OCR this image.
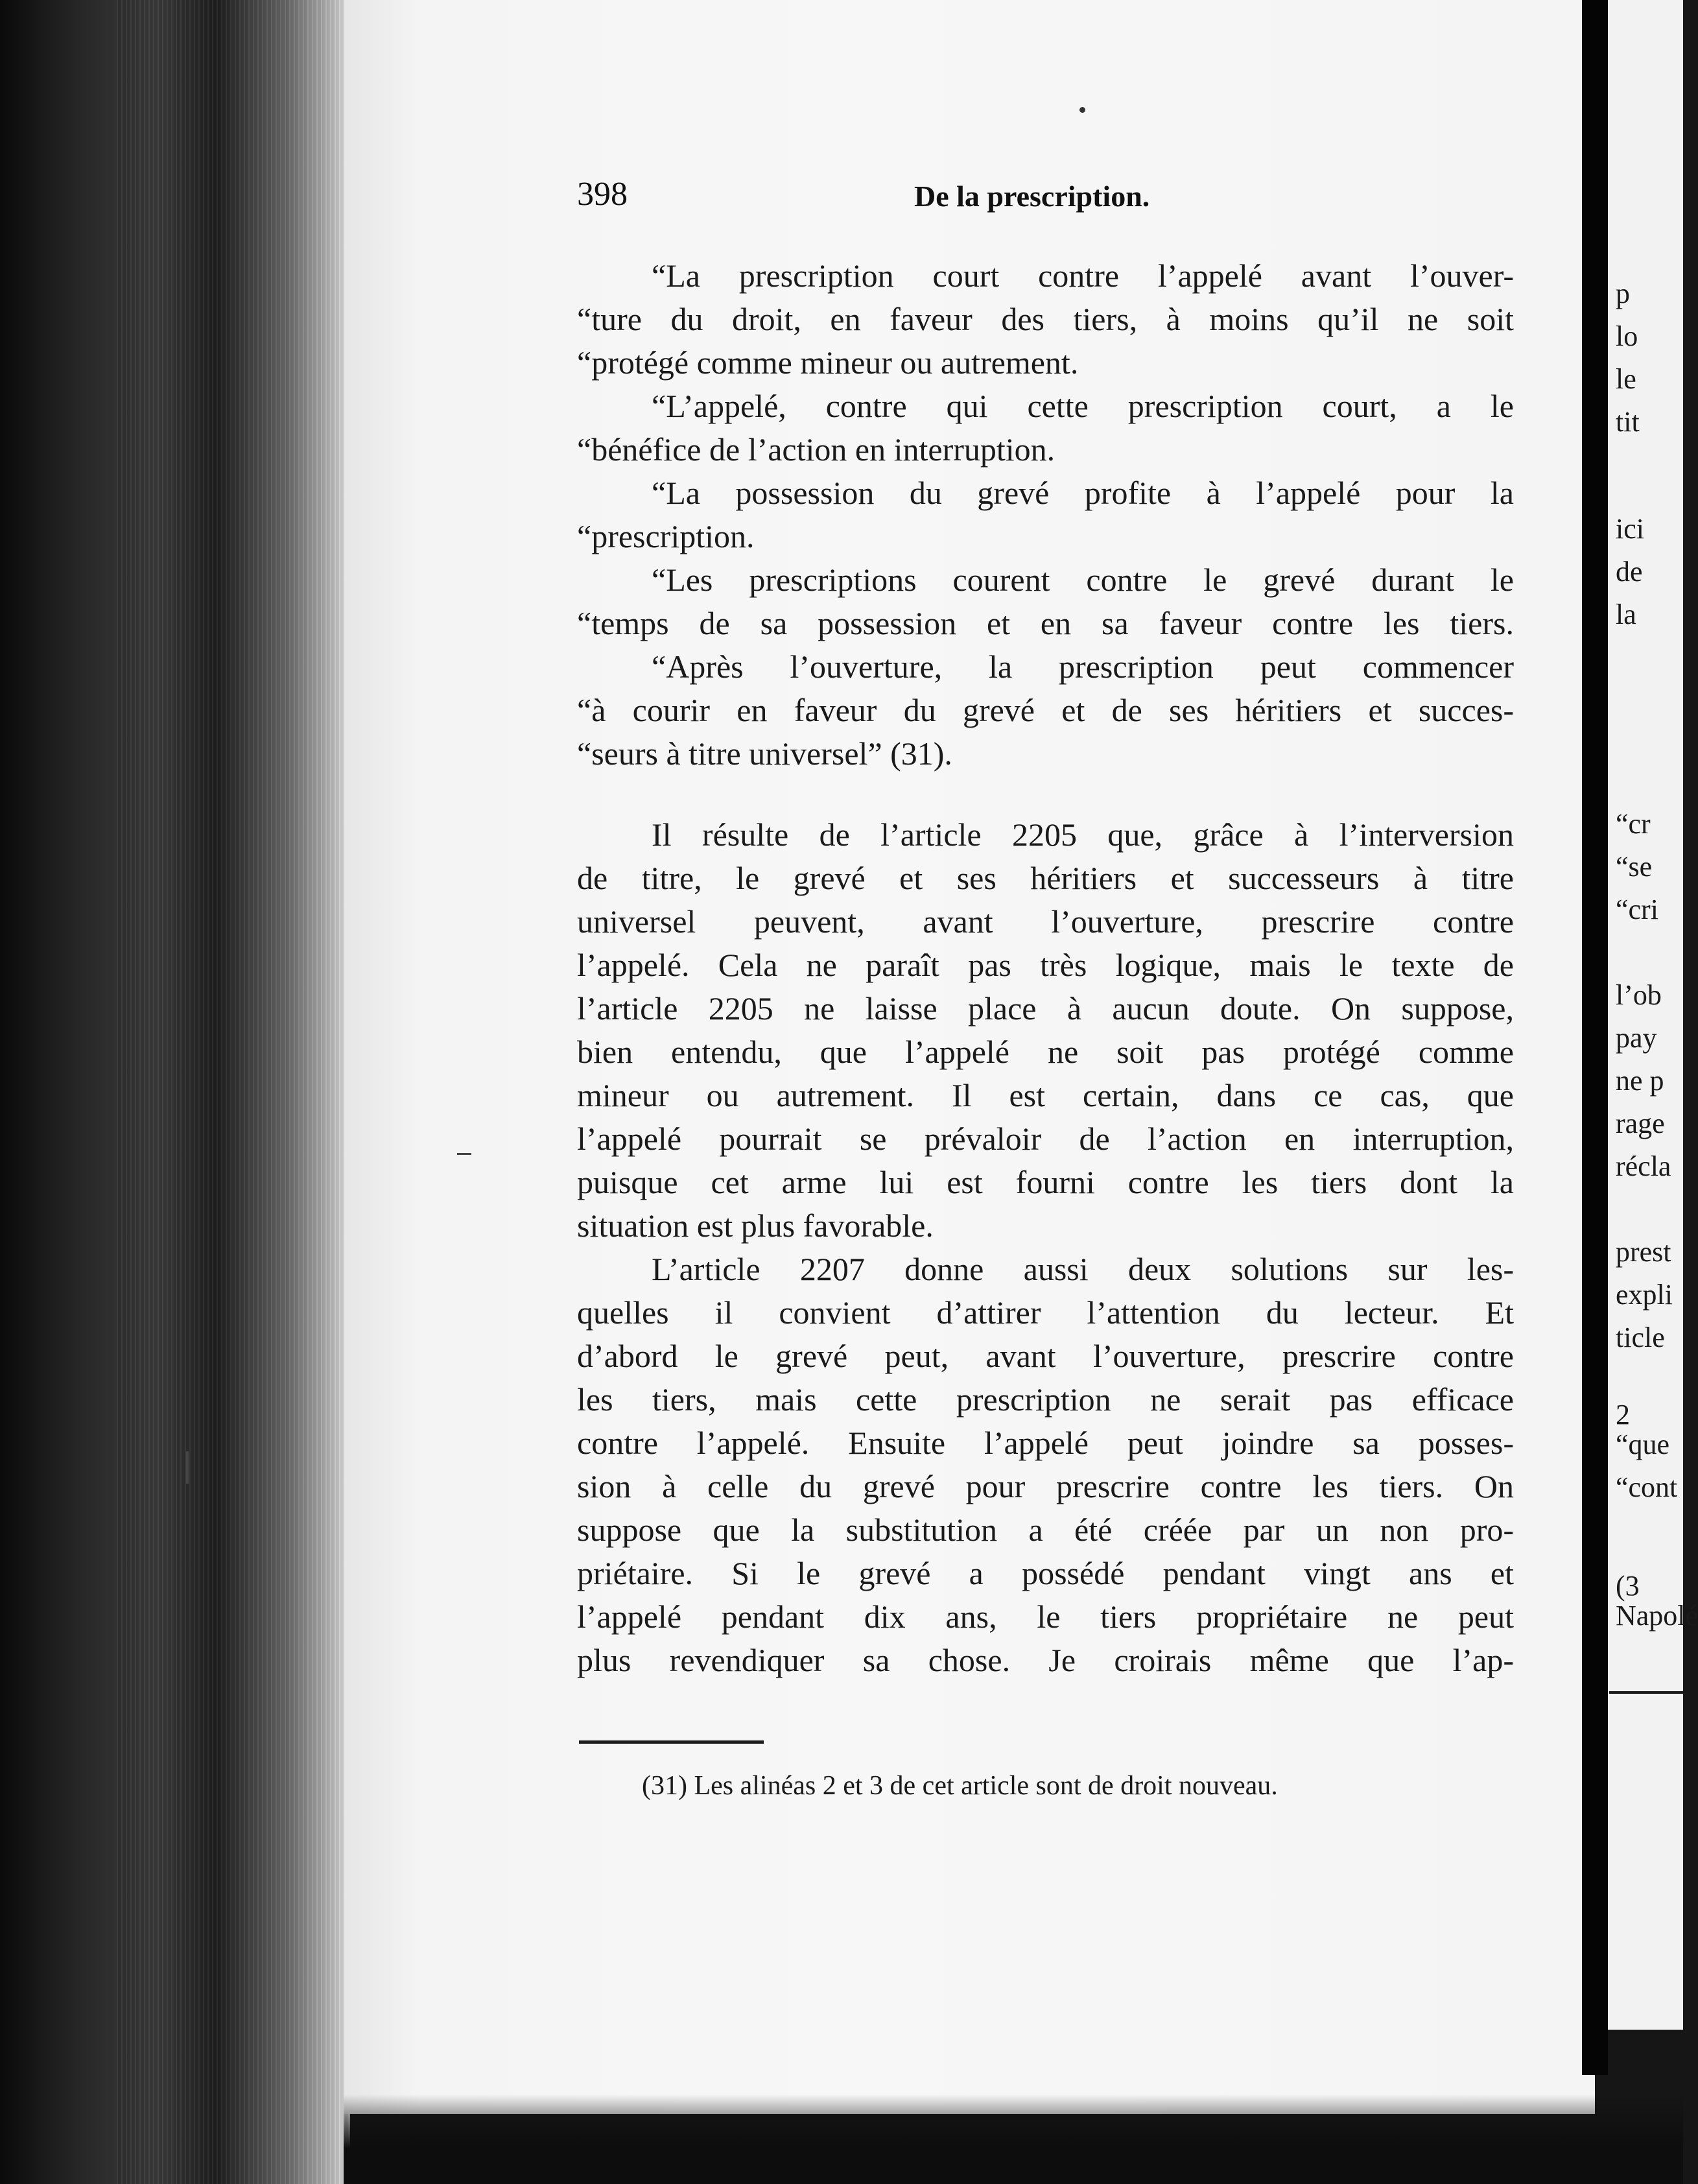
398	De la prescription.
“La prescription court contre l’appelé avant l’ouver-
“ture du droit, en faveur des tiers, à moins qu’il ne soit
“protégé comme mineur ou autrement.
“L’appelé, contre qui cette prescription court, a le
“bénéfice de l’action en interruption.
“La possession du grevé profite à l’appelé pour la
“prescription.
“Les prescriptions courent contre le grevé durant le
“temps de sa possession et en sa faveur contre les tiers.
“Après l’ouverture, la prescription peut commencer
“à courir en faveur du grevé et de ses héritiers et succes-
“seurs à titre universel” (31).
Il résulte de l’article 2205 que, grâce à l’interversion
de titre, le grevé et ses héritiers et successeurs à titre
universel peuvent, avant l’ouverture, prescrire contre
l’appelé. Cela ne paraît pas très logique, mais le texte de
l’article 2205 ne laisse place à aucun doute. On suppose,
bien entendu, que l’appelé ne soit pas protégé comme
mineur ou autrement. Il est certain, dans ce cas, que
l’appelé pourrait se prévaloir de l’action en interruption,
puisque cet arme lui est fourni contre les tiers dont la
situation est plus favorable.
L’article 2207 donne aussi deux solutions sur les-
quelles il convient d’attirer l’attention du lecteur. Et
d’abord le grevé peut, avant l’ouverture, prescrire contre
les tiers, mais cette prescription ne serait pas efficace
contre l’appelé. Ensuite l’appelé peut joindre sa posses-
sion à celle du grevé pour prescrire contre les tiers. On
suppose que la substitution a été créée par un non pro-
priétaire. Si le grevé a possédé pendant vingt ans et
l’appelé pendant dix ans, le tiers propriétaire ne peut
plus revendiquer sa chose. Je croirais même que l’ap-
(31) Les alinéas 2 et 3 de cet article sont de droit nouveau.
p
lo
le
tit
ici
de
la
“cr
“se
“cri
l’ob
pay
ne p
rage
récla
prest
expli
ticle
2
“que
“cont
(3
Napolé
